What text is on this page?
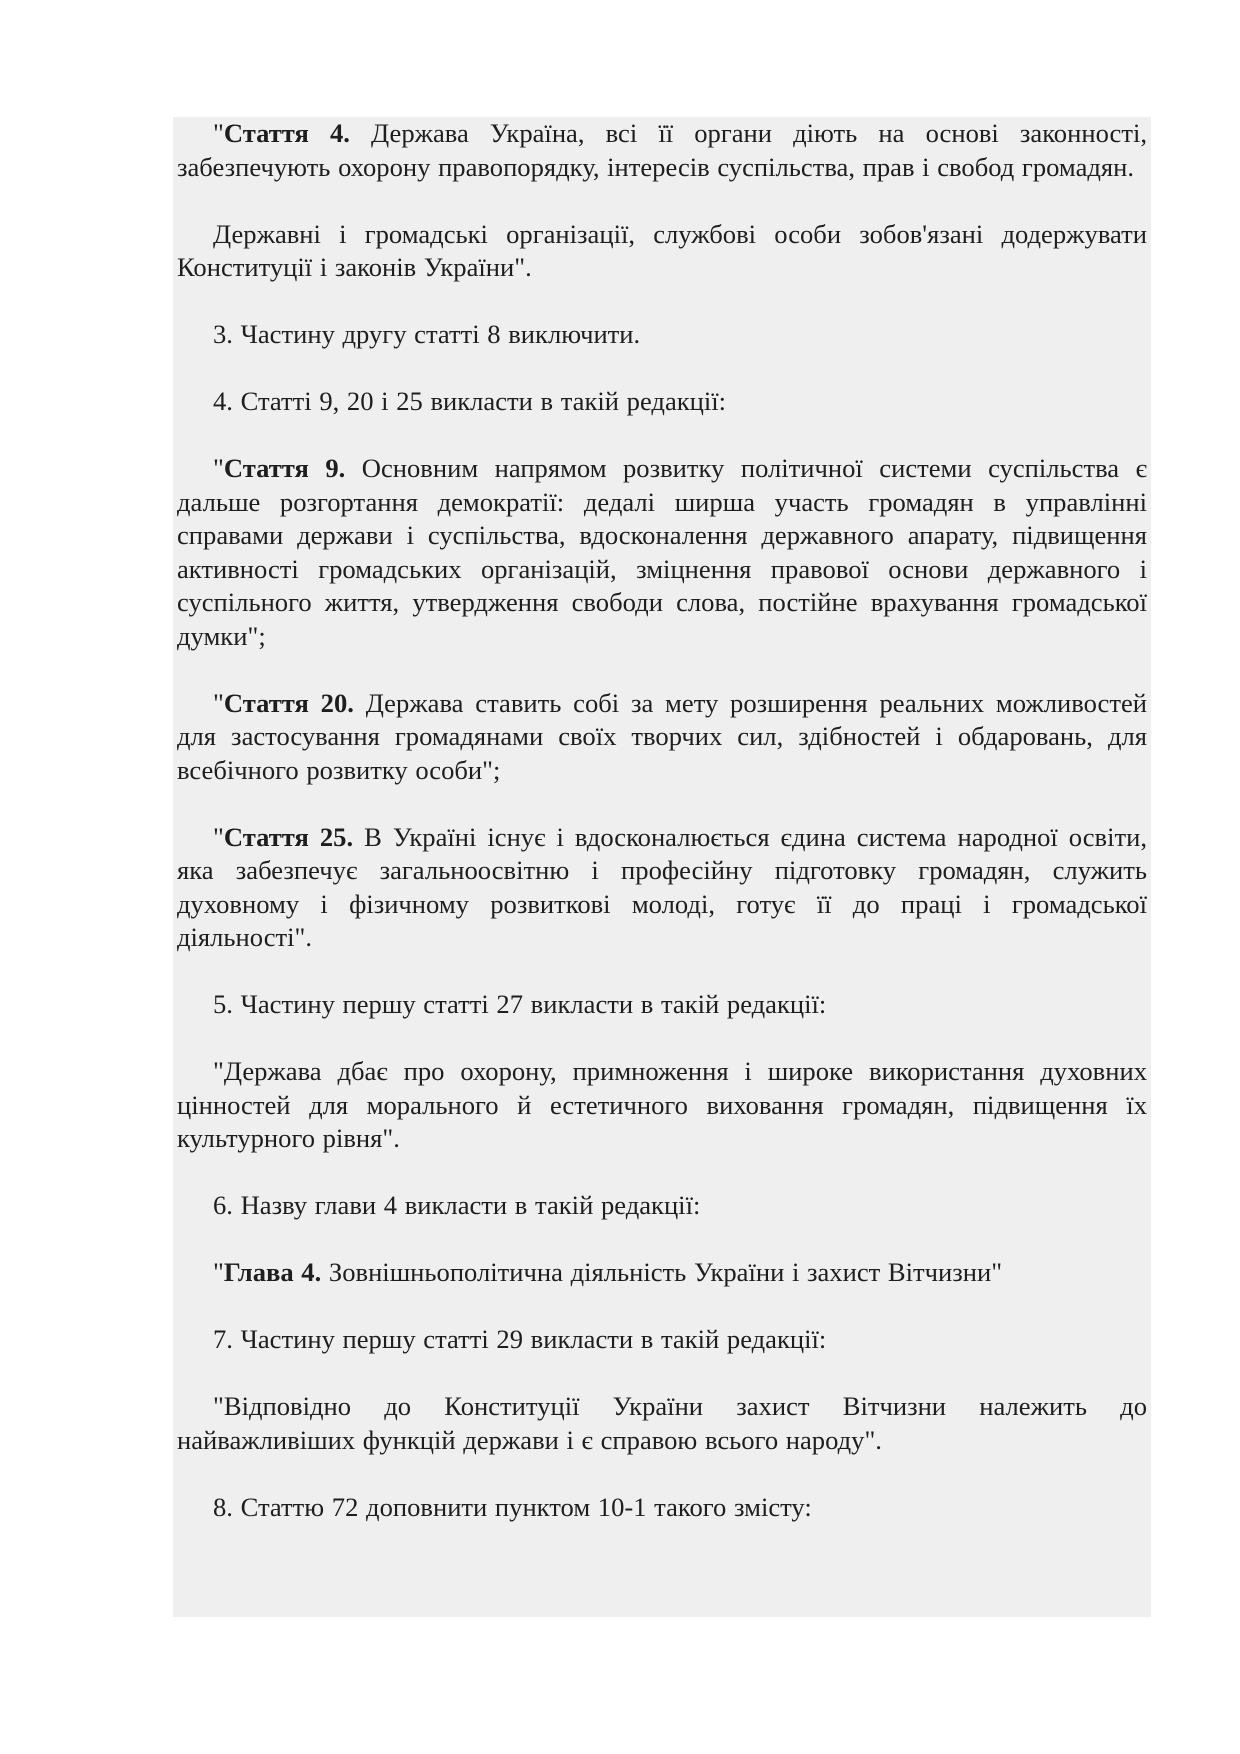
"Стаття 4. Держава Україна, всі її органи діють на основі законності, забезпечують охорону правопорядку, інтересів суспільства, прав і свобод громадян.

Державні і громадські організації, службові особи зобов'язані додержувати Конституції і законів України".

3. Частину другу статті 8 виключити.

4. Статті 9, 20 і 25 викласти в такій редакції:

"Стаття 9. Основним напрямом розвитку політичної системи суспільства є дальше розгортання демократії: дедалі ширша участь громадян в управлінні справами держави і суспільства, вдосконалення державного апарату, підвищення активності громадських організацій, зміцнення правової основи державного і суспільного життя, утвердження свободи слова, постійне врахування громадської думки";

"Стаття 20. Держава ставить собі за мету розширення реальних можливостей для застосування громадянами своїх творчих сил, здібностей і обдаровань, для всебічного розвитку особи";

"Стаття 25. В Україні існує і вдосконалюється єдина система народної освіти, яка забезпечує загальноосвітню і професійну підготовку громадян, служить духовному і фізичному розвиткові молоді, готує її до праці і громадської діяльності".

5. Частину першу статті 27 викласти в такій редакції:

"Держава дбає про охорону, примноження і широке використання духовних цінностей для морального й естетичного виховання громадян, підвищення їх культурного рівня".

6. Назву глави 4 викласти в такій редакції:

"Глава 4. Зовнішньополітична діяльність України і захист Вітчизни"

7. Частину першу статті 29 викласти в такій редакції:

"Відповідно до Конституції України захист Вітчизни належить до найважливіших функцій держави і є справою всього народу".

8. Статтю 72 доповнити пунктом 10-1 такого змісту:
